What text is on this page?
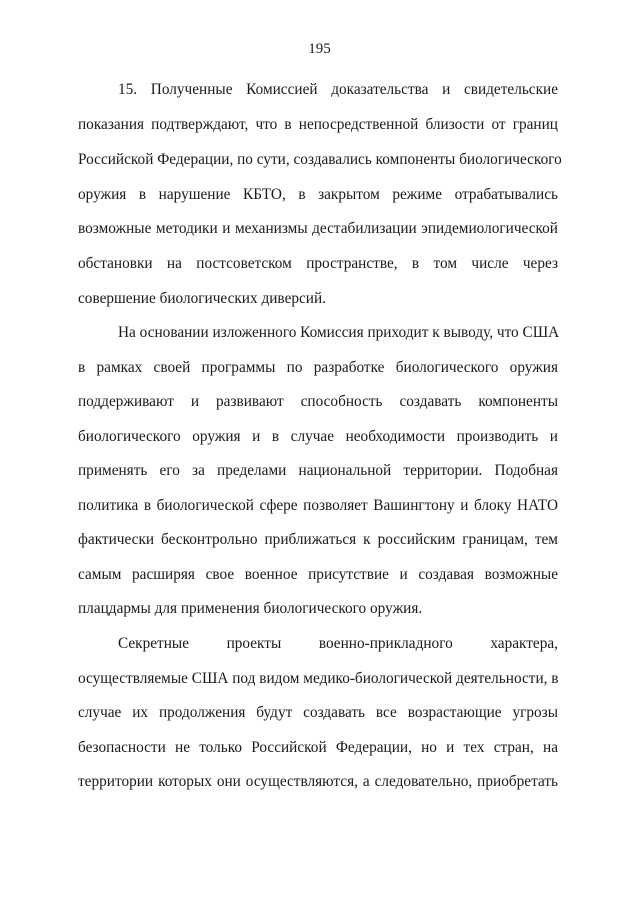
195
15. Полученные Комиссией доказательства и свидетельские
показания подтверждают, что в непосредственной близости от границ
Российской Федерации, по сути, создавались компоненты биологического
оружия в нарушение КБТО, в закрытом режиме отрабатывались
возможные методики и механизмы дестабилизации эпидемиологической
обстановки на постсоветском пространстве, в том числе через
совершение биологических диверсий.
На основании изложенного Комиссия приходит к выводу, что США
в рамках своей программы по разработке биологического оружия
поддерживают и развивают способность создавать компоненты
биологического оружия и в случае необходимости производить и
применять его за пределами национальной территории. Подобная
политика в биологической сфере позволяет Вашингтону и блоку НАТО
фактически бесконтрольно приближаться к российским границам, тем
самым расширяя свое военное присутствие и создавая возможные
плацдармы для применения биологического оружия.
Секретные проекты военно-прикладного характера,
осуществляемые США под видом медико-биологической деятельности, в
случае их продолжения будут создавать все возрастающие угрозы
безопасности не только Российской Федерации, но и тех стран, на
территории которых они осуществляются, а следовательно, приобретать
